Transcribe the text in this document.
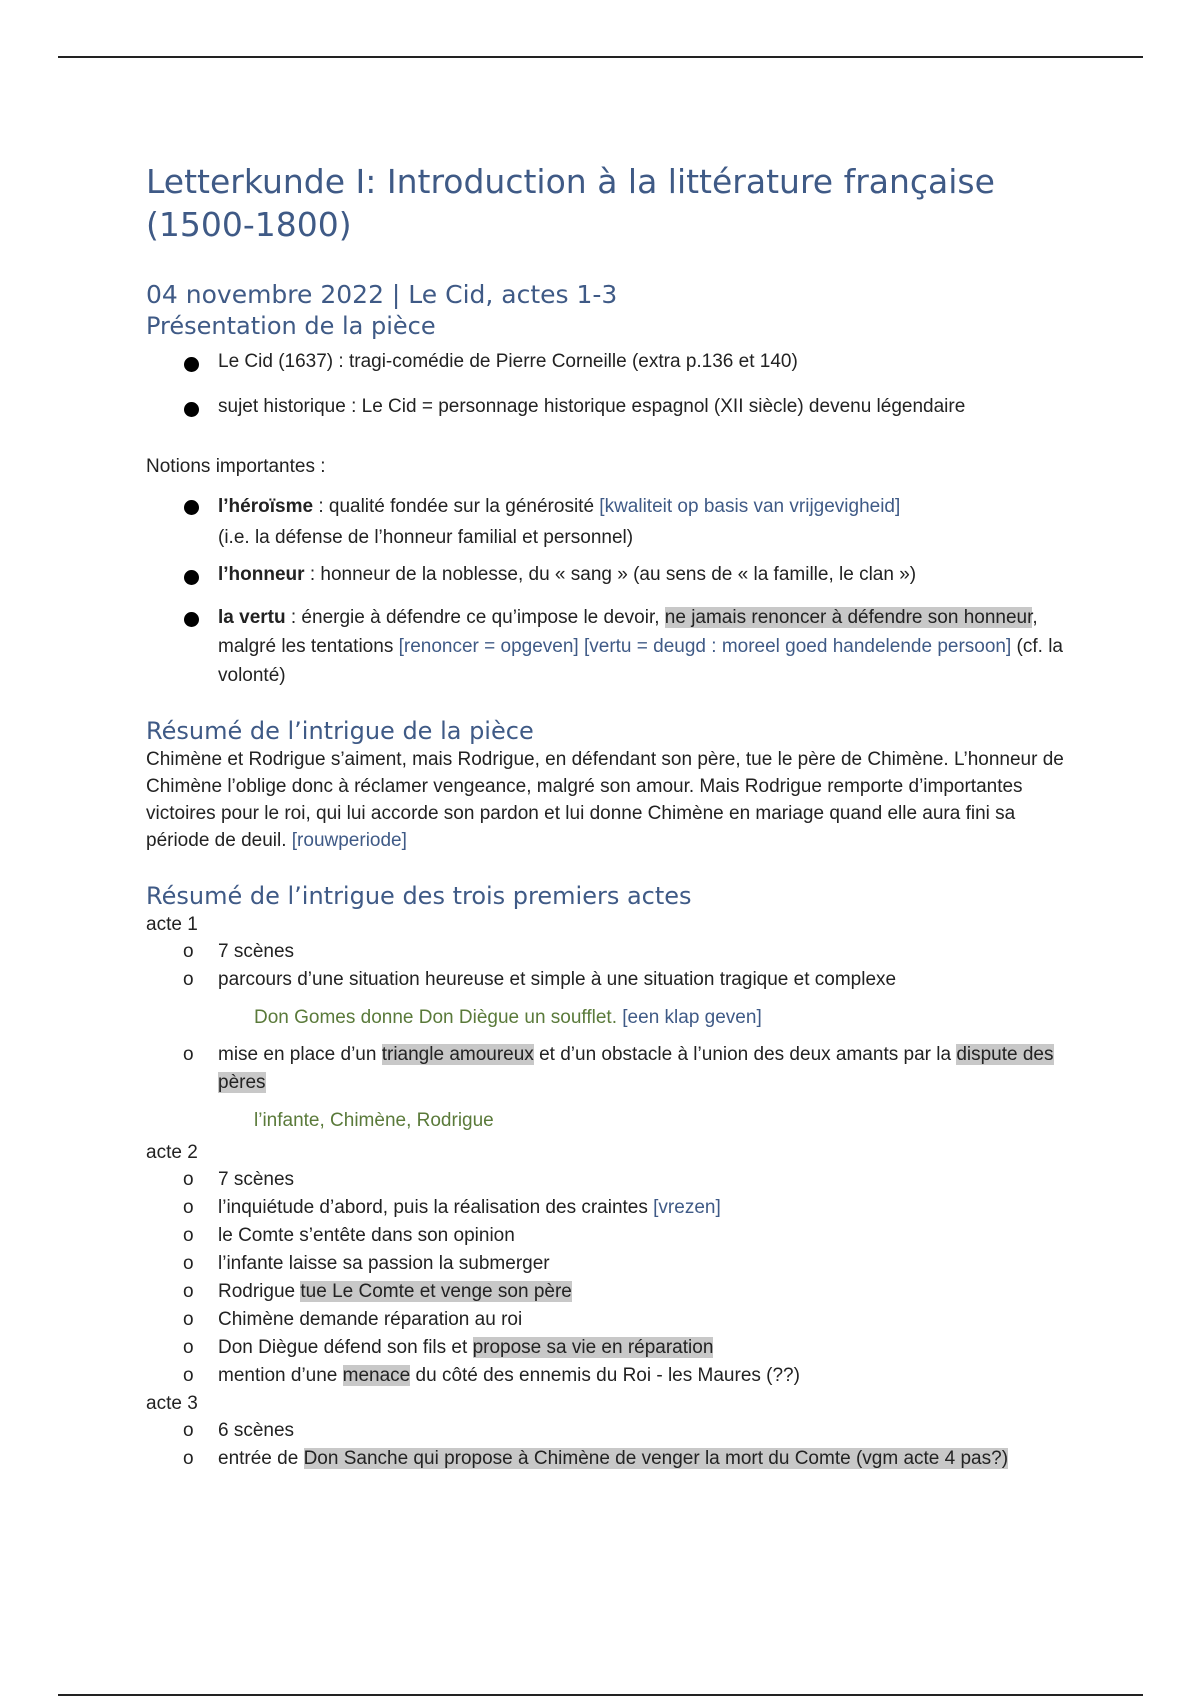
Letterkunde I: Introduction à la littérature française (1500-1800)
04 novembre 2022 | Le Cid, actes 1-3
Présentation de la pièce
Le Cid (1637) : tragi-comédie de Pierre Corneille (extra p.136 et 140)
sujet historique : Le Cid = personnage historique espagnol (XII siècle) devenu légendaire
Notions importantes :
l’héroïsme : qualité fondée sur la générosité [kwaliteit op basis van vrijgevigheid]
(i.e. la défense de l’honneur familial et personnel)
l’honneur : honneur de la noblesse, du « sang » (au sens de « la famille, le clan »)
la vertu : énergie à défendre ce qu’impose le devoir, ne jamais renoncer à défendre son honneur, malgré les tentations [renoncer = opgeven] [vertu = deugd : moreel goed handelende persoon] (cf. la volonté)
Résumé de l’intrigue de la pièce
Chimène et Rodrigue s’aiment, mais Rodrigue, en défendant son père, tue le père de Chimène. L’honneur de Chimène l’oblige donc à réclamer vengeance, malgré son amour. Mais Rodrigue remporte d’importantes victoires pour le roi, qui lui accorde son pardon et lui donne Chimène en mariage quand elle aura fini sa période de deuil. [rouwperiode]
Résumé de l’intrigue des trois premiers actes
acte 1
o 7 scènes
o parcours d’une situation heureuse et simple à une situation tragique et complexe
Don Gomes donne Don Diègue un soufflet. [een klap geven]
o mise en place d’un triangle amoureux et d’un obstacle à l’union des deux amants par la dispute des pères
l’infante, Chimène, Rodrigue
acte 2
o 7 scènes
o l’inquiétude d’abord, puis la réalisation des craintes [vrezen]
o le Comte s’entête dans son opinion
o l’infante laisse sa passion la submerger
o Rodrigue tue Le Comte et venge son père
o Chimène demande réparation au roi
o Don Diègue défend son fils et propose sa vie en réparation
o mention d’une menace du côté des ennemis du Roi - les Maures (??)
acte 3
o 6 scènes
o entrée de Don Sanche qui propose à Chimène de venger la mort du Comte (vgm acte 4 pas?)
